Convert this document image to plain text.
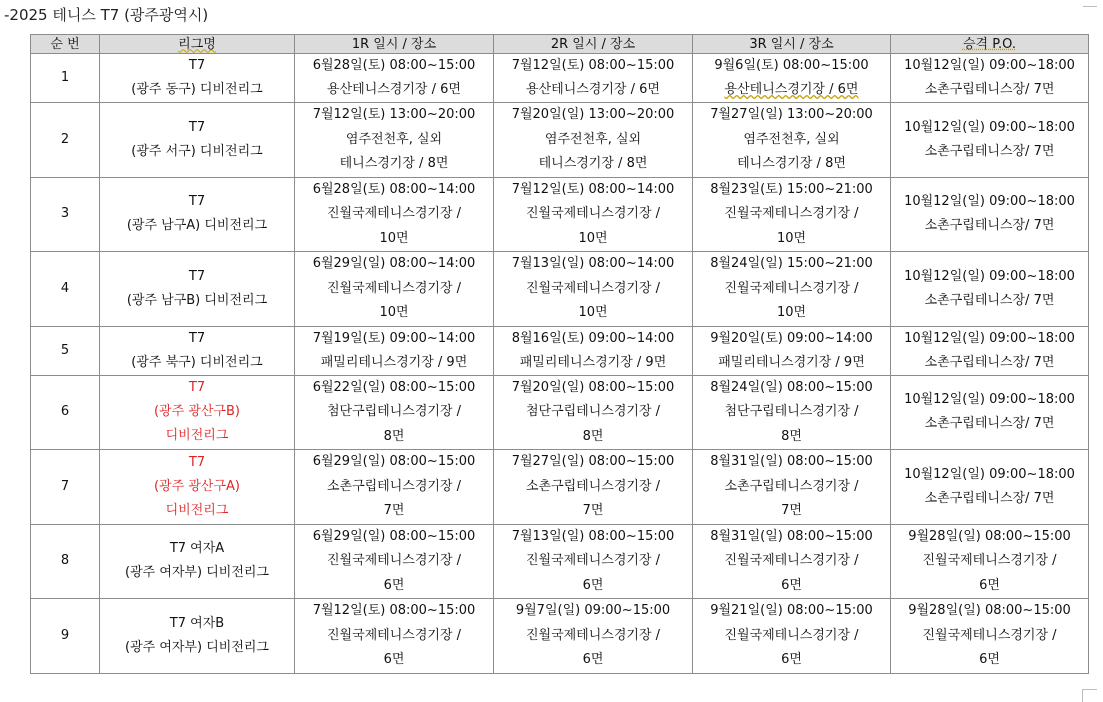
-2025 테니스 T7 (광주광역시)
순 번	리그명	1R 일시 / 장소	2R 일시 / 장소	3R 일시 / 장소	승격 P.O.
1	T7
(광주 동구) 디비전리그	6월28일(토) 08:00~15:00
용산테니스경기장 / 6면	7월12일(토) 08:00~15:00
용산테니스경기장 / 6면	9월6일(토) 08:00~15:00
용산테니스경기장 / 6면	10월12일(일) 09:00~18:00
소촌구립테니스장/ 7면

2	T7
(광주 서구) 디비전리그	7월12일(토) 13:00~20:00
염주전천후, 실외
테니스경기장 / 8면	7월20일(일) 13:00~20:00
염주전천후, 실외
테니스경기장 / 8면	7월27일(일) 13:00~20:00
염주전천후, 실외
테니스경기장 / 8면	10월12일(일) 09:00~18:00
소촌구립테니스장/ 7면

3	T7
(광주 남구A) 디비전리그	6월28일(토) 08:00~14:00
진월국제테니스경기장 /
10면	7월12일(토) 08:00~14:00
진월국제테니스경기장 /
10면	8월23일(토) 15:00~21:00
진월국제테니스경기장 /
10면	10월12일(일) 09:00~18:00
소촌구립테니스장/ 7면

4	T7
(광주 남구B) 디비전리그	6월29일(일) 08:00~14:00
진월국제테니스경기장 /
10면	7월13일(일) 08:00~14:00
진월국제테니스경기장 /
10면	8월24일(일) 15:00~21:00
진월국제테니스경기장 /
10면	10월12일(일) 09:00~18:00
소촌구립테니스장/ 7면

5	T7
(광주 북구) 디비전리그	7월19일(토) 09:00~14:00
패밀리테니스경기장 / 9면	8월16일(토) 09:00~14:00
패밀리테니스경기장 / 9면	9월20일(토) 09:00~14:00
패밀리테니스경기장 / 9면	10월12일(일) 09:00~18:00
소촌구립테니스장/ 7면

6	T7
(광주 광산구B)
디비전리그	6월22일(일) 08:00~15:00
첨단구립테니스경기장 /
8면	7월20일(일) 08:00~15:00
첨단구립테니스경기장 /
8면	8월24일(일) 08:00~15:00
첨단구립테니스경기장 /
8면	10월12일(일) 09:00~18:00
소촌구립테니스장/ 7면

7	T7
(광주 광산구A)
디비전리그	6월29일(일) 08:00~15:00
소촌구립테니스경기장 /
7면	7월27일(일) 08:00~15:00
소촌구립테니스경기장 /
7면	8월31일(일) 08:00~15:00
소촌구립테니스경기장 /
7면	10월12일(일) 09:00~18:00
소촌구립테니스장/ 7면

8	T7 여자A
(광주 여자부) 디비전리그	6월29일(일) 08:00~15:00
진월국제테니스경기장 /
6면	7월13일(일) 08:00~15:00
진월국제테니스경기장 /
6면	8월31일(일) 08:00~15:00
진월국제테니스경기장 /
6면	9월28일(일) 08:00~15:00
진월국제테니스경기장 /
6면

9	T7 여자B
(광주 여자부) 디비전리그	7월12일(토) 08:00~15:00
진월국제테니스경기장 /
6면	9월7일(일) 09:00~15:00
진월국제테니스경기장 /
6면	9월21일(일) 08:00~15:00
진월국제테니스경기장 /
6면	9월28일(일) 08:00~15:00
진월국제테니스경기장 /
6면
